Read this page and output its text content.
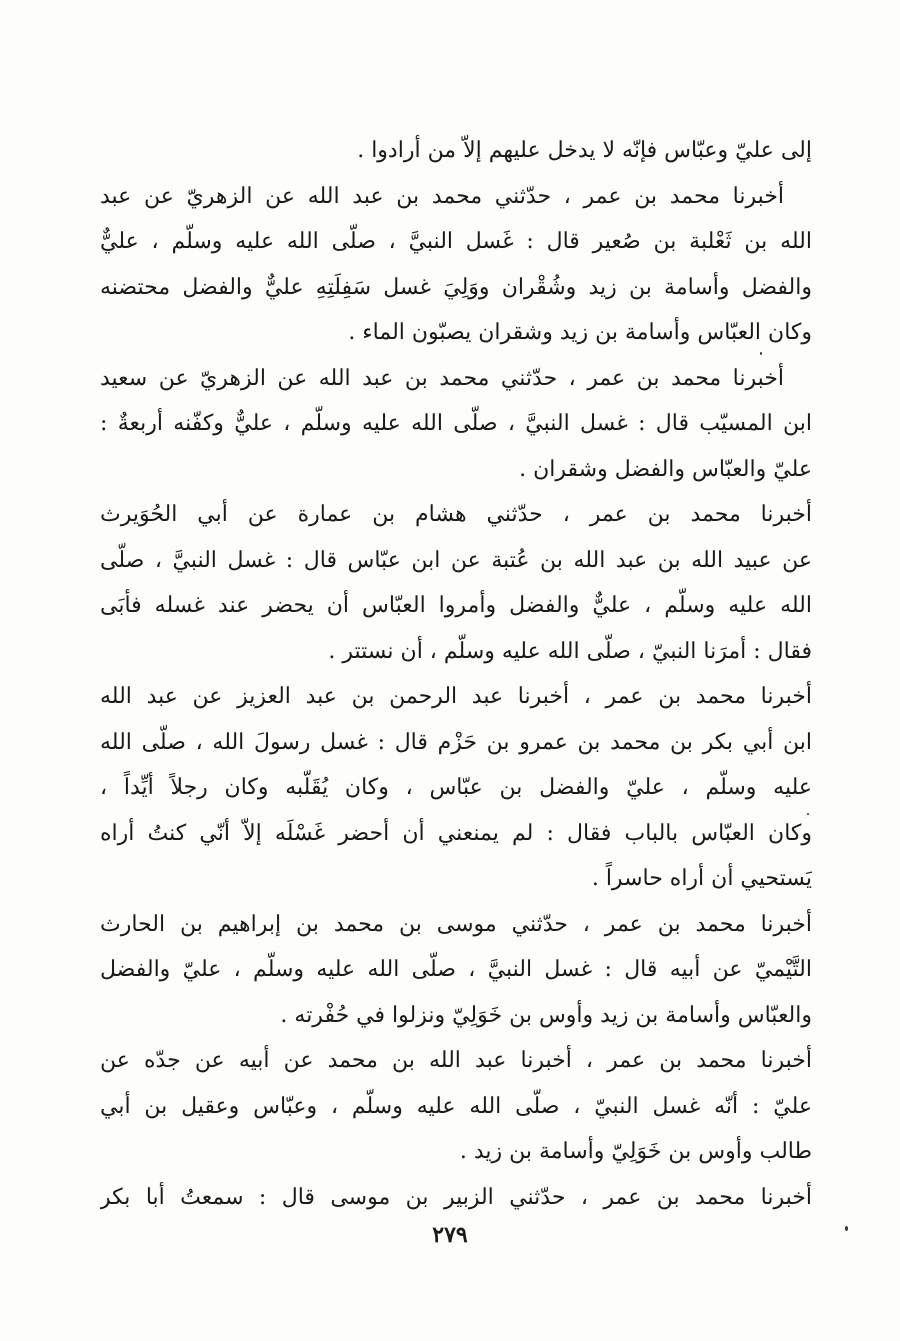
إلى عليّ وعبّاس فإنّه لا يدخل عليهم إلاّ من أرادوا .
أخبرنا محمد بن عمر ، حدّثني محمد بن عبد الله عن الزهريّ عن عبد
الله بن ثَعْلبة بن صُعير قال : غَسل النبيَّ ، صلّى الله عليه وسلّم ، عليٌّ
والفضل وأسامة بن زيد وشُقْران ووَلِيَ غسل سَفِلَتِهِ عليٌّ والفضل محتضنه
وكان العبّاس وأسامة بن زيد وشقران يصبّون الماء .
أخبرنا محمد بن عمر ، حدّثني محمد بن عبد الله عن الزهريّ عن سعيد
ابن المسيّب قال : غسل النبيَّ ، صلّى الله عليه وسلّم ، عليٌّ وكفّنه أربعةٌ :
عليّ والعبّاس والفضل وشقران .
أخبرنا محمد بن عمر ، حدّثني هشام بن عمارة عن أبي الحُوَيرث
عن عبيد الله بن عبد الله بن عُتبة عن ابن عبّاس قال : غسل النبيَّ ، صلّى
الله عليه وسلّم ، عليٌّ والفضل وأمروا العبّاس أن يحضر عند غسله فأبَى
فقال : أمرَنا النبيّ ، صلّى الله عليه وسلّم ، أن نستتر .
أخبرنا محمد بن عمر ، أخبرنا عبد الرحمن بن عبد العزيز عن عبد الله
ابن أبي بكر بن محمد بن عمرو بن حَزْم قال : غسل رسولَ الله ، صلّى الله
عليه وسلّم ، عليّ والفضل بن عبّاس ، وكان يُقَلّبه وكان رجلاً أيِّداً ،
وكان العبّاس بالباب فقال : لم يمنعني أن أحضر غَسْلَه إلاّ أنّي كنتُ أراه
يَستحيي أن أراه حاسراً .
أخبرنا محمد بن عمر ، حدّثني موسى بن محمد بن إبراهيم بن الحارث
التَّيْميّ عن أبيه قال : غسل النبيَّ ، صلّى الله عليه وسلّم ، عليّ والفضل
والعبّاس وأسامة بن زيد وأوس بن خَوَلِيّ ونزلوا في حُفْرته .
أخبرنا محمد بن عمر ، أخبرنا عبد الله بن محمد عن أبيه عن جدّه عن
عليّ : أنّه غسل النبيّ ، صلّى الله عليه وسلّم ، وعبّاس وعقيل بن أبي
طالب وأوس بن خَوَلِيّ وأسامة بن زيد .
أخبرنا محمد بن عمر ، حدّثني الزبير بن موسى قال : سمعتُ أبا بكر
٢٧٩
